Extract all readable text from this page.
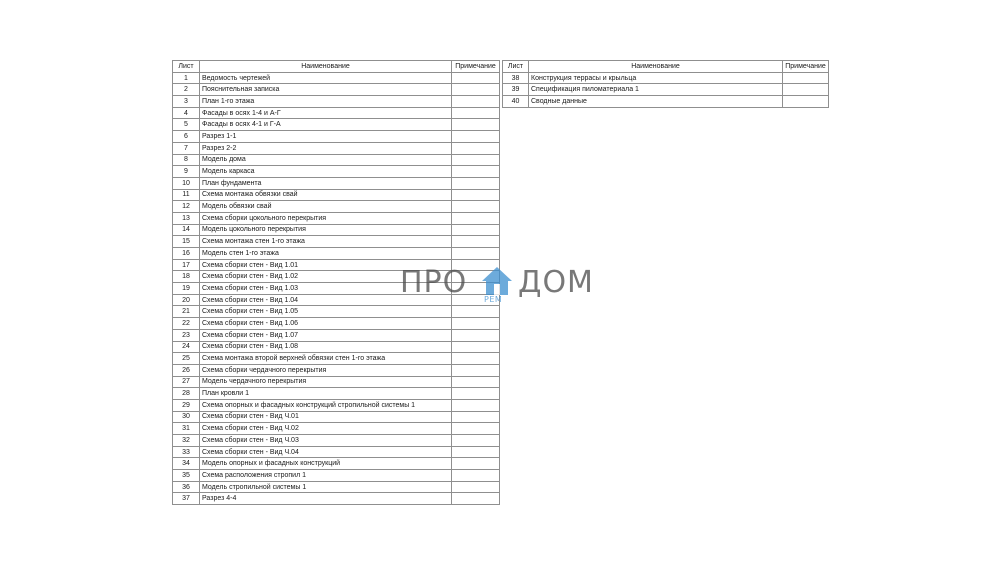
Лист	Наименование	Примечание
1	Ведомость чертежей	
2	Пояснительная записка	
3	План 1-го этажа	
4	Фасады в осях 1-4 и А-Г	
5	Фасады в осях 4-1 и Г-А	
6	Разрез 1-1	
7	Разрез 2-2	
8	Модель дома	
9	Модель каркаса	
10	План фундамента	
11	Схема монтажа обвязки свай	
12	Модель обвязки свай	
13	Схема сборки цокольного перекрытия	
14	Модель цокольного перекрытия	
15	Схема монтажа стен 1-го этажа	
16	Модель стен 1-го этажа	
17	Схема сборки стен - Вид 1.01	
18	Схема сборки стен - Вид 1.02	
19	Схема сборки стен - Вид 1.03	
20	Схема сборки стен - Вид 1.04	
21	Схема сборки стен - Вид 1.05	
22	Схема сборки стен - Вид 1.06	
23	Схема сборки стен - Вид 1.07	
24	Схема сборки стен - Вид 1.08	
25	Схема монтажа второй верхней обвязки стен 1-го этажа	
26	Схема сборки чердачного перекрытия	
27	Модель чердачного перекрытия	
28	План кровли 1	
29	Схема опорных и фасадных конструкций стропильной системы 1	
30	Схема сборки стен - Вид Ч.01	
31	Схема сборки стен - Вид Ч.02	
32	Схема сборки стен - Вид Ч.03	
33	Схема сборки стен - Вид Ч.04	
34	Модель опорных и фасадных конструкций	
35	Схема расположения стропил 1	
36	Модель стропильной системы 1	
37	Разрез 4-4	
Лист	Наименование	Примечание
38	Конструкция террасы и крыльца	
39	Спецификация пиломатериала 1	
40	Сводные данные	
ПРО РЕМ ДОМ
